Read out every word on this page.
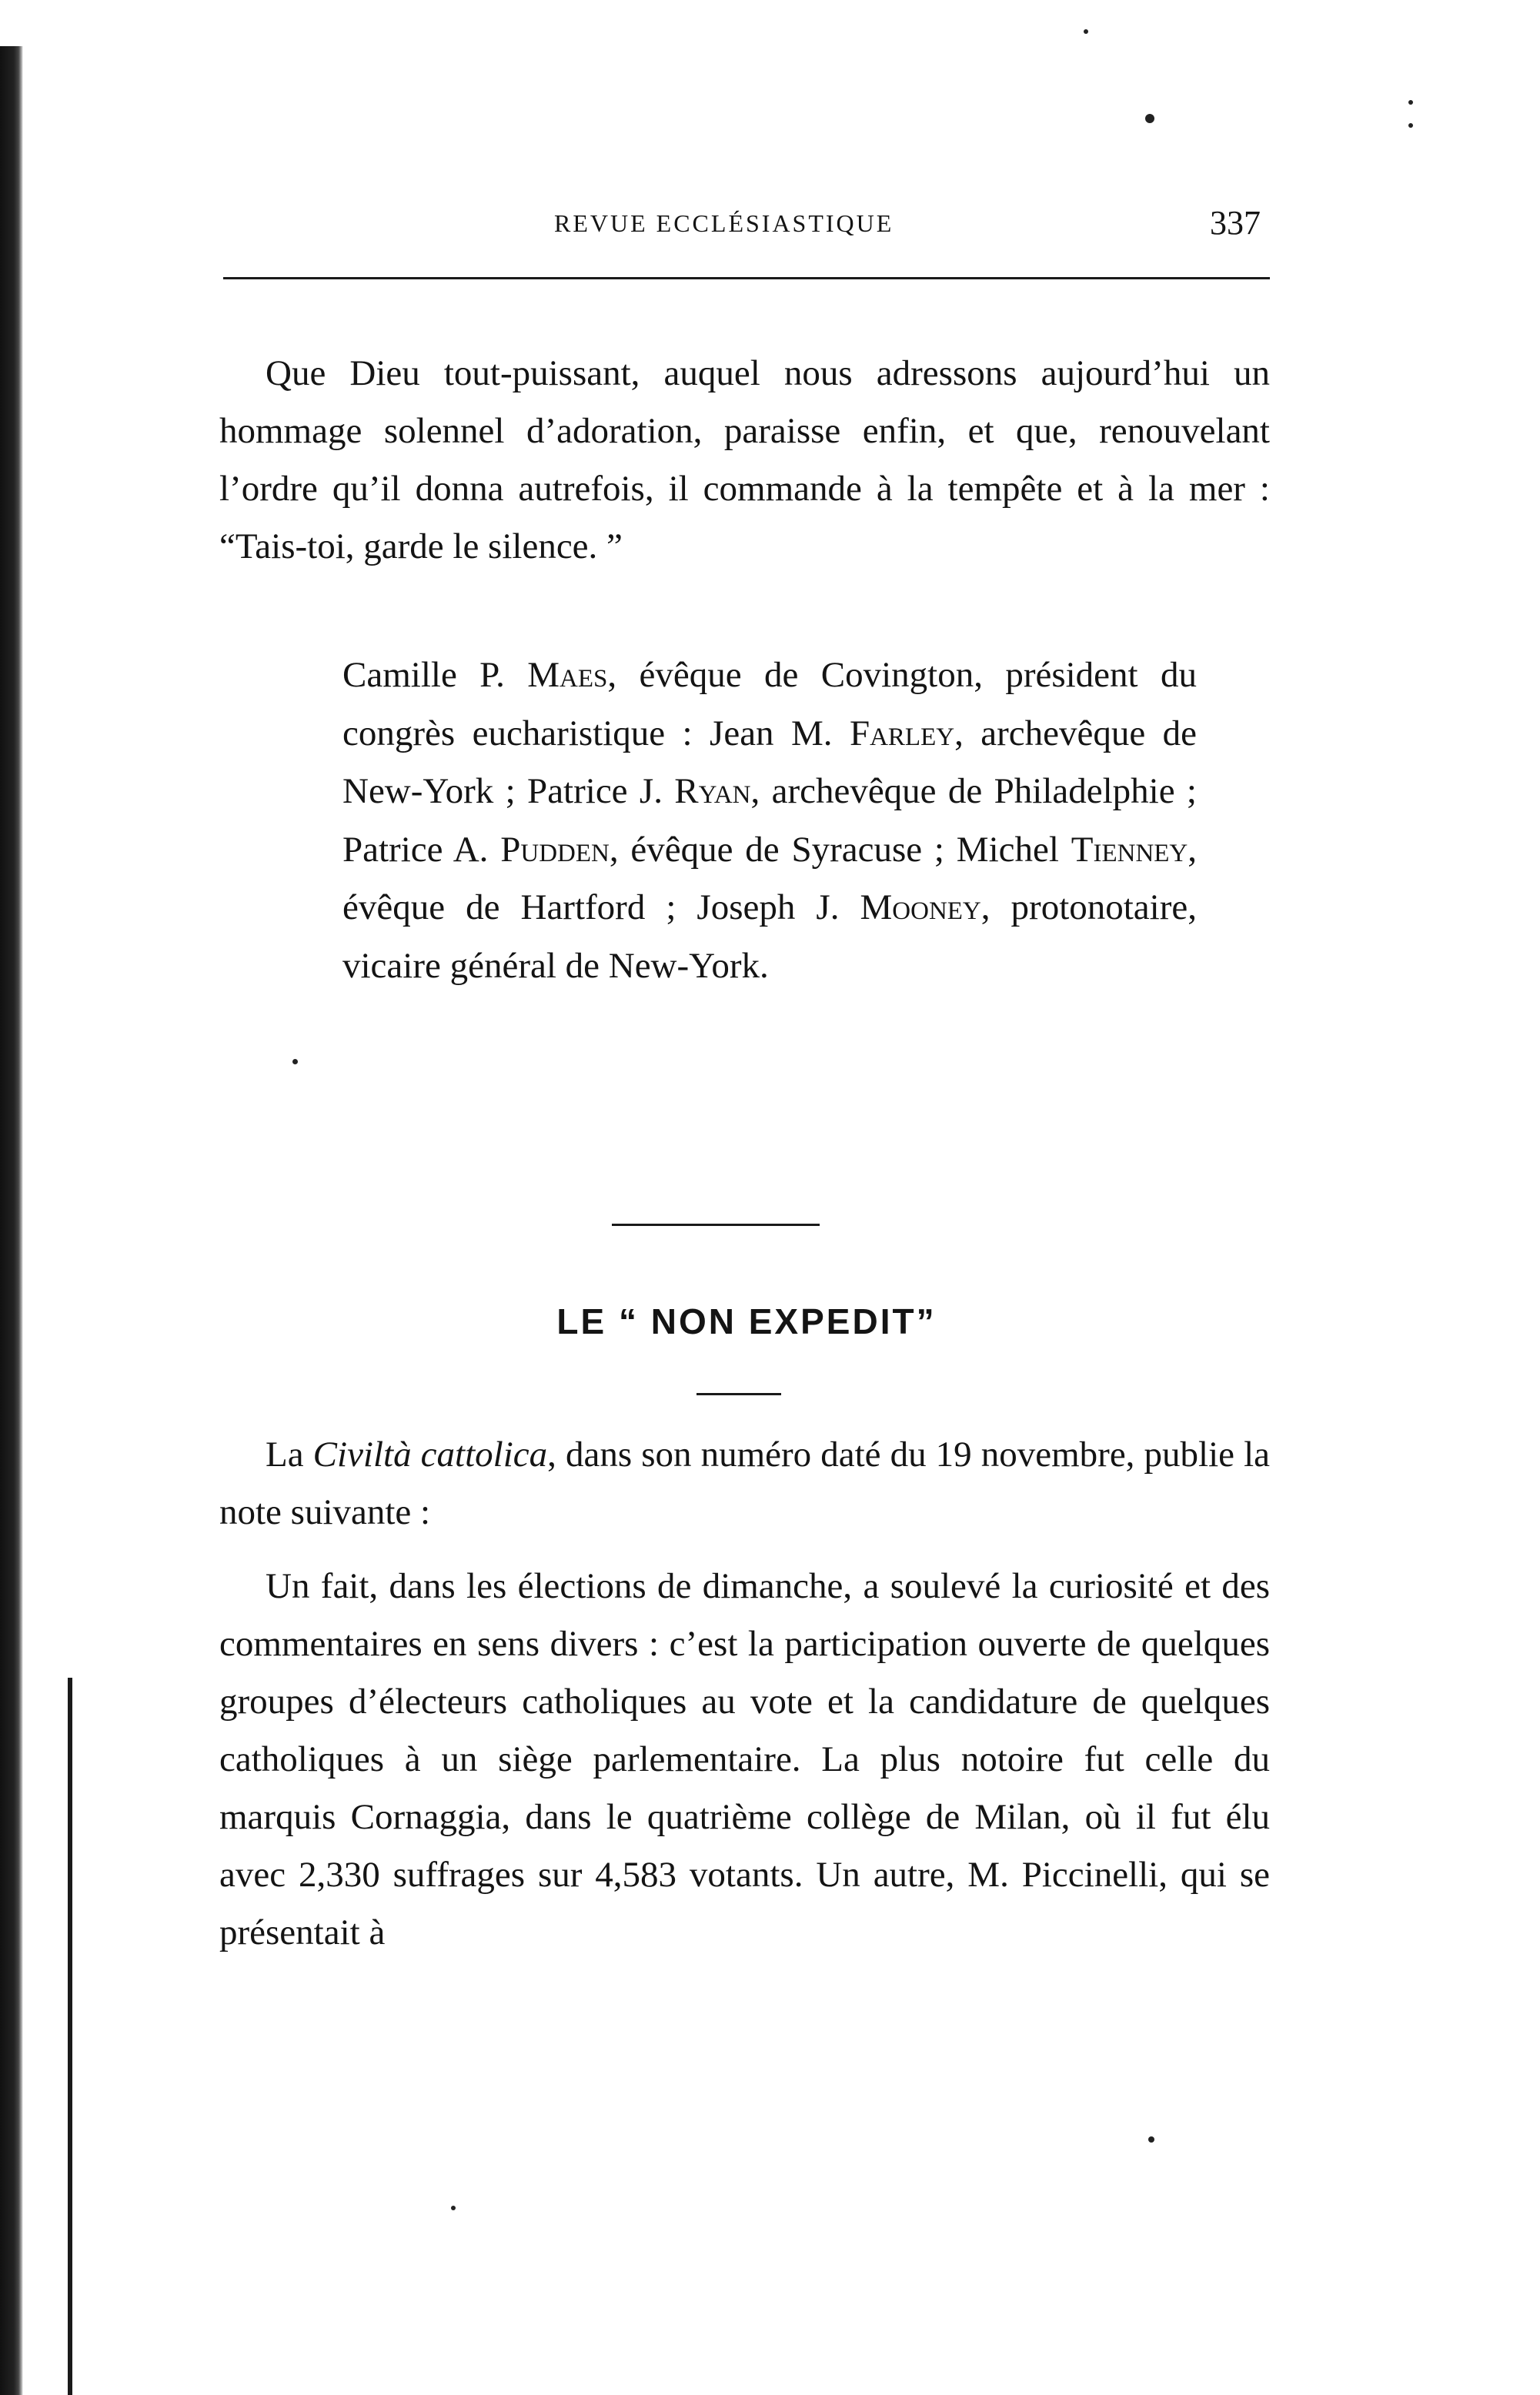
REVUE ECCLÉSIASTIQUE	337

Que Dieu tout-puissant, auquel nous adressons aujourd’hui un hommage solennel d’adoration, paraisse enfin, et que, renouvelant l’ordre qu’il donna autrefois, il commande à la tempête et à la mer : “Tais-toi, garde le silence. ”

Camille P. Maes, évêque de Covington, président du congrès eucharistique : Jean M. Farley, archevêque de New-York ; Patrice J. Ryan, archevêque de Philadelphie ; Patrice A. Pudden, évêque de Syracuse ; Michel Tienney, évêque de Hartford ; Joseph J. Mooney, protonotaire, vicaire général de New-York.

LE “ NON EXPEDIT”

La Civiltà cattolica, dans son numéro daté du 19 novembre, publie la note suivante :

Un fait, dans les élections de dimanche, a soulevé la curiosité et des commentaires en sens divers : c’est la participation ouverte de quelques groupes d’électeurs catholiques au vote et la candidature de quelques catholiques à un siège parlementaire. La plus notoire fut celle du marquis Cornaggia, dans le quatrième collège de Milan, où il fut élu avec 2,330 suffrages sur 4,583 votants. Un autre, M. Piccinelli, qui se présentait à
